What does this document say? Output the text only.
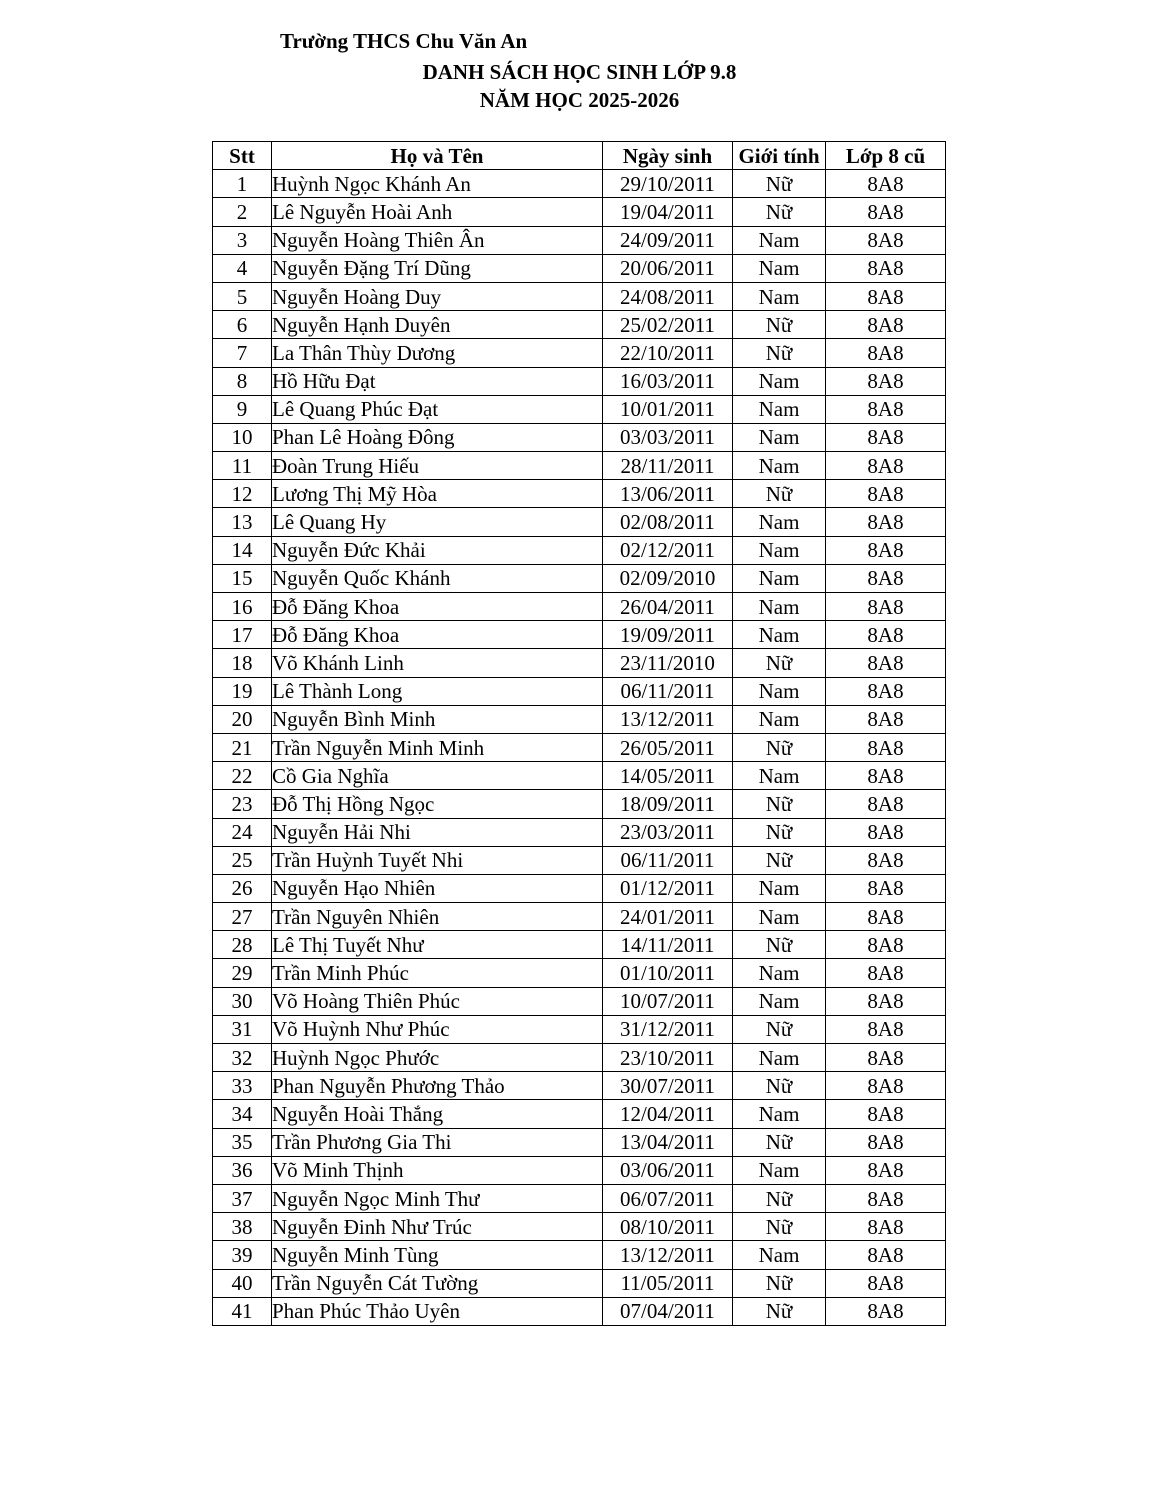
Trường THCS Chu Văn An
DANH SÁCH HỌC SINH LỚP 9.8
NĂM HỌC 2025-2026
Stt	Họ và Tên	Ngày sinh	Giới tính	Lớp 8 cũ
1	Huỳnh Ngọc Khánh An	29/10/2011	Nữ	8A8
2	Lê Nguyễn Hoài Anh	19/04/2011	Nữ	8A8
3	Nguyễn Hoàng Thiên Ân	24/09/2011	Nam	8A8
4	Nguyễn Đặng Trí Dũng	20/06/2011	Nam	8A8
5	Nguyễn Hoàng Duy	24/08/2011	Nam	8A8
6	Nguyễn Hạnh Duyên	25/02/2011	Nữ	8A8
7	La Thân Thùy Dương	22/10/2011	Nữ	8A8
8	Hồ Hữu Đạt	16/03/2011	Nam	8A8
9	Lê Quang Phúc Đạt	10/01/2011	Nam	8A8
10	Phan Lê Hoàng Đông	03/03/2011	Nam	8A8
11	Đoàn Trung Hiếu	28/11/2011	Nam	8A8
12	Lương Thị Mỹ Hòa	13/06/2011	Nữ	8A8
13	Lê Quang Hy	02/08/2011	Nam	8A8
14	Nguyễn Đức Khải	02/12/2011	Nam	8A8
15	Nguyễn Quốc Khánh	02/09/2010	Nam	8A8
16	Đỗ Đăng Khoa	26/04/2011	Nam	8A8
17	Đỗ Đăng Khoa	19/09/2011	Nam	8A8
18	Võ Khánh Linh	23/11/2010	Nữ	8A8
19	Lê Thành Long	06/11/2011	Nam	8A8
20	Nguyễn Bình Minh	13/12/2011	Nam	8A8
21	Trần Nguyễn Minh Minh	26/05/2011	Nữ	8A8
22	Cồ Gia Nghĩa	14/05/2011	Nam	8A8
23	Đỗ Thị Hồng Ngọc	18/09/2011	Nữ	8A8
24	Nguyễn Hải Nhi	23/03/2011	Nữ	8A8
25	Trần Huỳnh Tuyết Nhi	06/11/2011	Nữ	8A8
26	Nguyễn Hạo Nhiên	01/12/2011	Nam	8A8
27	Trần Nguyên Nhiên	24/01/2011	Nam	8A8
28	Lê Thị Tuyết Như	14/11/2011	Nữ	8A8
29	Trần Minh Phúc	01/10/2011	Nam	8A8
30	Võ Hoàng Thiên Phúc	10/07/2011	Nam	8A8
31	Võ Huỳnh Như Phúc	31/12/2011	Nữ	8A8
32	Huỳnh Ngọc Phước	23/10/2011	Nam	8A8
33	Phan Nguyễn Phương Thảo	30/07/2011	Nữ	8A8
34	Nguyễn Hoài Thắng	12/04/2011	Nam	8A8
35	Trần Phương Gia Thi	13/04/2011	Nữ	8A8
36	Võ Minh Thịnh	03/06/2011	Nam	8A8
37	Nguyễn Ngọc Minh Thư	06/07/2011	Nữ	8A8
38	Nguyễn Đinh Như Trúc	08/10/2011	Nữ	8A8
39	Nguyễn Minh Tùng	13/12/2011	Nam	8A8
40	Trần Nguyễn Cát Tường	11/05/2011	Nữ	8A8
41	Phan Phúc Thảo Uyên	07/04/2011	Nữ	8A8
